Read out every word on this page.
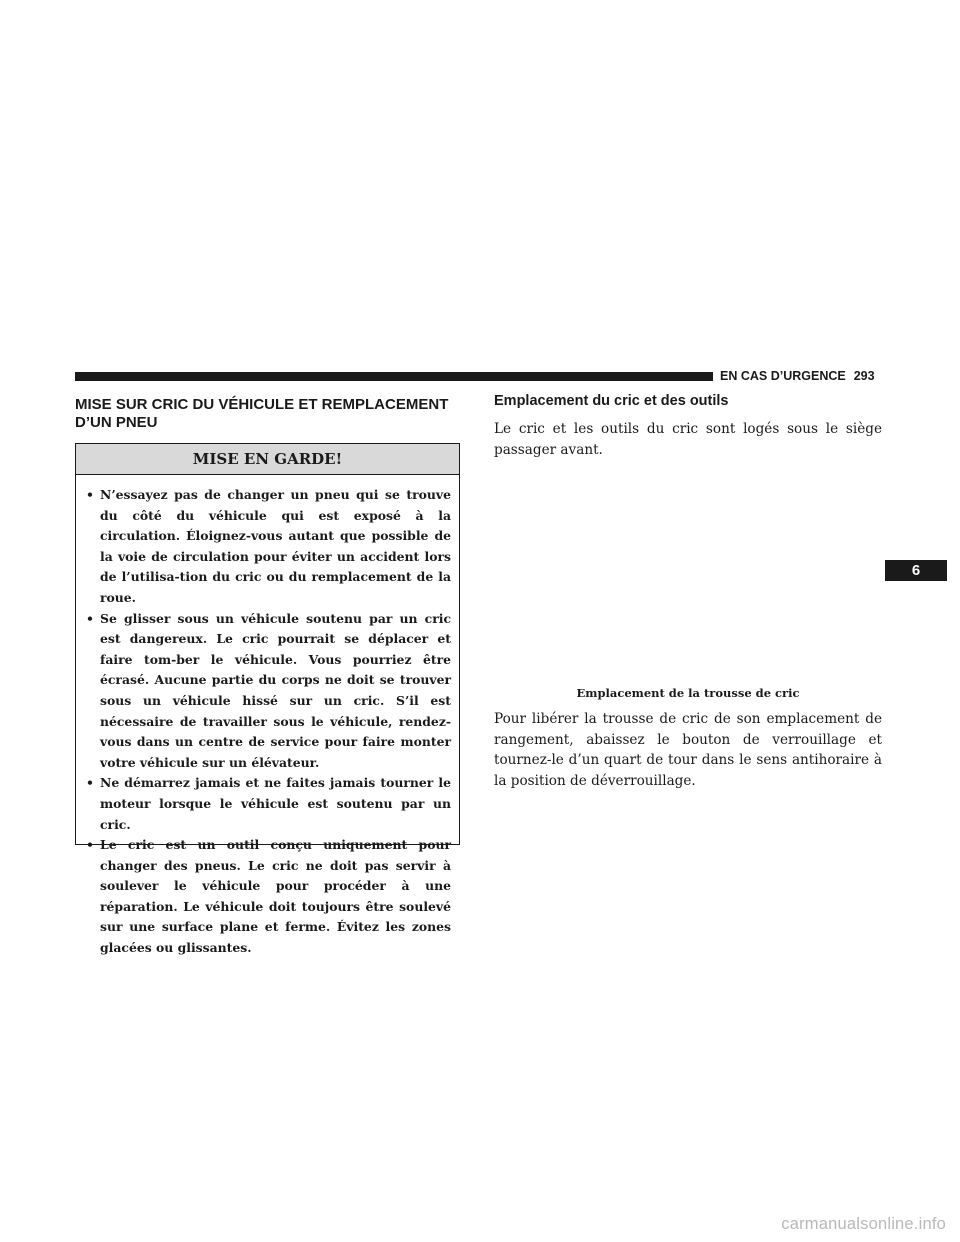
EN CAS D’URGENCE 293
MISE SUR CRIC DU VÉHICULE ET REMPLACEMENT D’UN PNEU
MISE EN GARDE!
• N’essayez pas de changer un pneu qui se trouve du côté du véhicule qui est exposé à la circulation. Éloignez-vous autant que possible de la voie de circulation pour éviter un accident lors de l’utilisa-tion du cric ou du remplacement de la roue.
• Se glisser sous un véhicule soutenu par un cric est dangereux. Le cric pourrait se déplacer et faire tom-ber le véhicule. Vous pourriez être écrasé. Aucune partie du corps ne doit se trouver sous un véhicule hissé sur un cric. S’il est nécessaire de travailler sous le véhicule, rendez-vous dans un centre de service pour faire monter votre véhicule sur un élévateur.
• Ne démarrez jamais et ne faites jamais tourner le moteur lorsque le véhicule est soutenu par un cric.
• Le cric est un outil conçu uniquement pour changer des pneus. Le cric ne doit pas servir à soulever le véhicule pour procéder à une réparation. Le véhicule doit toujours être soulevé sur une surface plane et ferme. Évitez les zones glacées ou glissantes.
Emplacement du cric et des outils
Le cric et les outils du cric sont logés sous le siège passager avant.
Emplacement de la trousse de cric
Pour libérer la trousse de cric de son emplacement de rangement, abaissez le bouton de verrouillage et tournez-le d’un quart de tour dans le sens antihoraire à la position de déverrouillage.
6
carmanualsonline.info
